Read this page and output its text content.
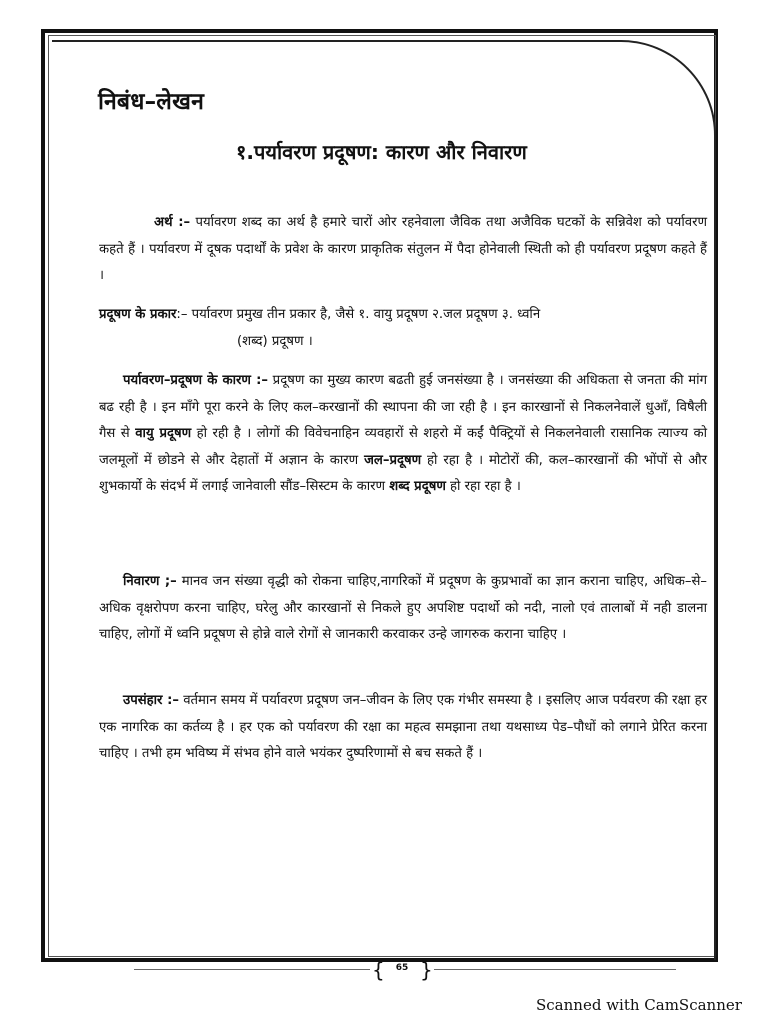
निबंध–लेखन
१.पर्यावरण प्रदूषण: कारण और निवारण
अर्थ :– पर्यावरण शब्द का अर्थ है हमारे चारों ओर रहनेवाला जैविक तथा अजैविक घटकों के सन्निवेश को पर्यावरण कहते हैं । पर्यावरण में दूषक पदार्थों के प्रवेश के कारण प्राकृतिक संतुलन में पैदा होनेवाली स्थिती को ही पर्यावरण प्रदूषण कहते हैं ।
प्रदूषण के प्रकार:– पर्यावरण प्रमुख तीन प्रकार है, जैसे १. वायु प्रदूषण २.जल प्रदूषण ३. ध्वनि
(शब्द) प्रदूषण ।
पर्यावरण–प्रदूषण के कारण :– प्रदूषण का मुख्य कारण बढती हुई जनसंख्या है । जनसंख्या की अधिकता से जनता की मांग बढ रही है । इन माँगे पूरा करने के लिए कल–करखानों की स्थापना की जा रही है । इन कारखानों से निकलनेवालें धुआँ, विषैली गैस से वायु प्रदूषण हो रही है । लोगों की विवेचनाहिन व्यवहारों से शहरो में कईं पैक्ट्रियों से निकलनेवाली रासानिक त्याज्य को जलमूलों में छोडने से और देहातों में अज्ञान के कारण जल–प्रदूषण हो रहा है । मोटोरों की, कल–कारखानों की भोंपों से और शुभकार्यो के संदर्भ में लगाई जानेवाली सौंड–सिस्टम के कारण शब्द प्रदूषण हो रहा रहा है ।
निवारण ;– मानव जन संख्या वृद्धी को रोकना चाहिए,नागरिकों में प्रदूषण के कुप्रभावों का ज्ञान कराना चाहिए, अधिक–से–अधिक वृक्षरोपण करना चाहिए, घरेलु और कारखानों से निकले हुए अपशिष्ट पदार्थो को नदी, नालो एवं तालाबों में नही डालना चाहिए, लोगों में ध्वनि प्रदूषण से होन्ने वाले रोगों से जानकारी करवाकर उन्हे जागरुक कराना चाहिए ।
उपसंहार :– वर्तमान समय में पर्यावरण प्रदूषण जन–जीवन के लिए एक गंभीर समस्या है । इसलिए आज पर्यवरण की रक्षा हर एक नागरिक का कर्तव्य है । हर एक को पर्यावरण की रक्षा का महत्व समझाना तथा यथसाध्य पेड–पौधों को लगाने प्रेरित करना चाहिए । तभी हम भविष्य में संभव होने वाले भयंकर दुष्परिणामों से बच सकते हैं ।
{	65 }
Scanned with CamScanner
